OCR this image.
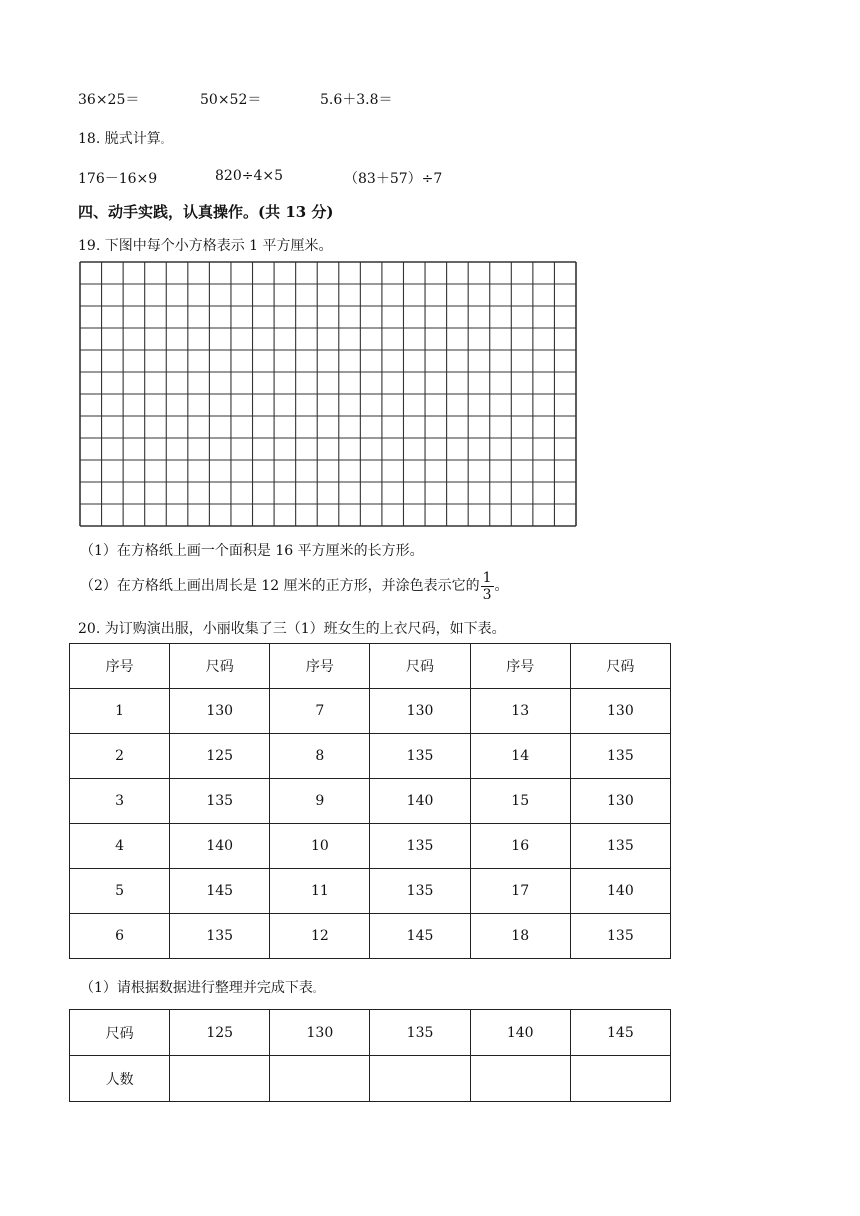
36×25＝	50×52＝	5.6＋3.8＝
18. 脱式计算。
176－16×9	820÷4×5	（83＋57）÷7
四、动手实践，认真操作。(共 13 分)
19. 下图中每个小方格表示 1 平方厘米。
（1）在方格纸上画一个面积是 16 平方厘米的长方形。
（2）在方格纸上画出周长是 12 厘米的正方形，并涂色表示它的 $\frac{1}{3}$ 。
20. 为订购演出服，小丽收集了三（1）班女生的上衣尺码，如下表。
序号	尺码	序号	尺码	序号	尺码
1	130	7	130	13	130
2	125	8	135	14	135
3	135	9	140	15	130
4	140	10	135	16	135
5	145	11	135	17	140
6	135	12	145	18	135
（1）请根据数据进行整理并完成下表。
尺码	125	130	135	140	145
人数					
